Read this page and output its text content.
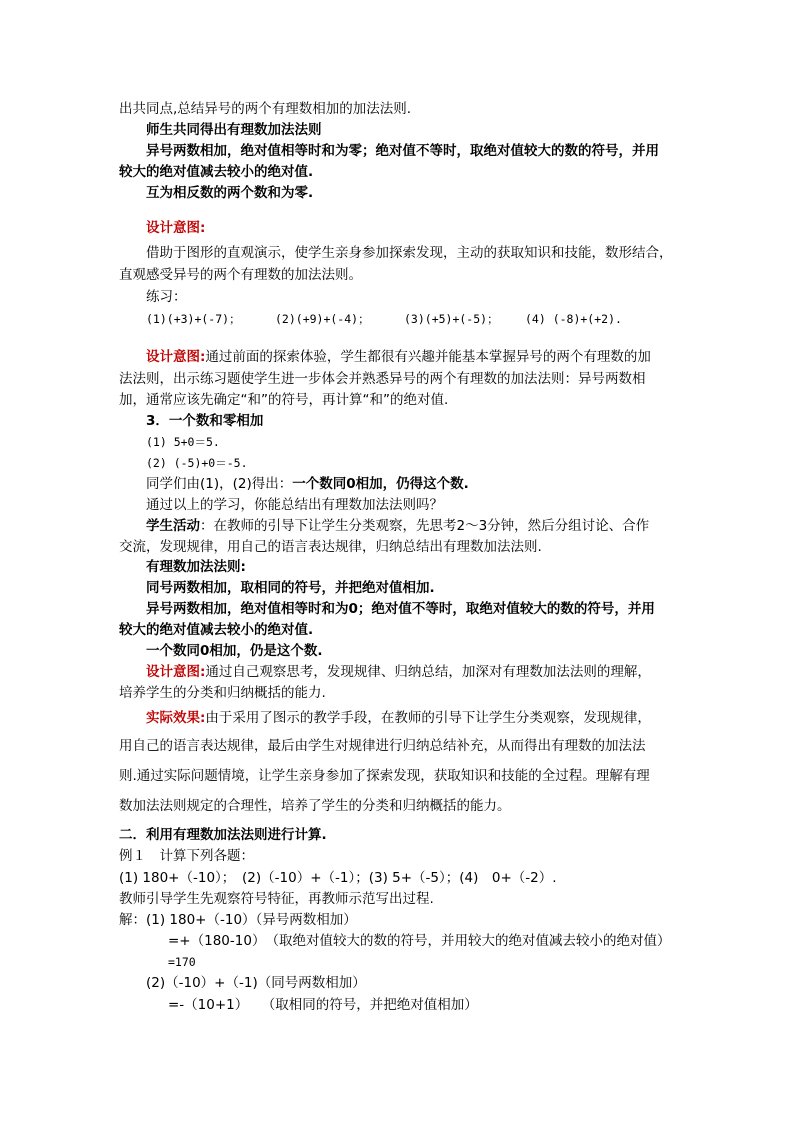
出共同点,总结异号的两个有理数相加的加法法则.
师生共同得出有理数加法法则
异号两数相加，绝对值相等时和为零；绝对值不等时，取绝对值较大的数的符号，并用
较大的绝对值减去较小的绝对值.
互为相反数的两个数和为零.
设计意图:
借助于图形的直观演示，使学生亲身参加探索发现，主动的获取知识和技能，数形结合，
直观感受异号的两个有理数的加法法则。
练习：
(1)(+3)+(-7)；	(2)(+9)+(-4)；	(3)(+5)+(-5)； (4) (-8)+(+2).
设计意图:通过前面的探索体验，学生都很有兴趣并能基本掌握异号的两个有理数的加
法法则，出示练习题使学生进一步体会并熟悉异号的两个有理数的加法法则：异号两数相
加，通常应该先确定“和”的符号，再计算“和”的绝对值.
3．一个数和零相加
(1) 5+0＝5.
(2) (-5)+0＝-5.
同学们由(1)，(2)得出：一个数同0相加，仍得这个数.
通过以上的学习，你能总结出有理数加法法则吗？
学生活动：在教师的引导下让学生分类观察，先思考2～3分钟，然后分组讨论、合作
交流，发现规律，用自己的语言表达规律，归纳总结出有理数加法法则.
有理数加法法则:
同号两数相加，取相同的符号，并把绝对值相加.
异号两数相加，绝对值相等时和为0；绝对值不等时，取绝对值较大的数的符号，并用
较大的绝对值减去较小的绝对值.
一个数同0相加，仍是这个数.
设计意图:通过自己观察思考，发现规律、归纳总结，加深对有理数加法法则的理解，
培养学生的分类和归纳概括的能力.
实际效果:由于采用了图示的教学手段，在教师的引导下让学生分类观察，发现规律，
用自己的语言表达规律，最后由学生对规律进行归纳总结补充，从而得出有理数的加法法
则.通过实际问题情境，让学生亲身参加了探索发现，获取知识和技能的全过程。理解有理
数加法法则规定的合理性，培养了学生的分类和归纳概括的能力。
二．利用有理数加法法则进行计算.
例１　计算下列各题：
(1) 180+（-10）；　(2)（-10）+（-1）；(3) 5+（-5）；(4)　0+（-2）.
教师引导学生先观察符号特征，再教师示范写出过程.
解：(1) 180+（-10）（异号两数相加）
=+（180-10）　（取绝对值较大的数的符号，并用较大的绝对值减去较小的绝对值）
=170
(2)（-10）+（-1)（同号两数相加）
=-（10+1）　　（取相同的符号，并把绝对值相加）
